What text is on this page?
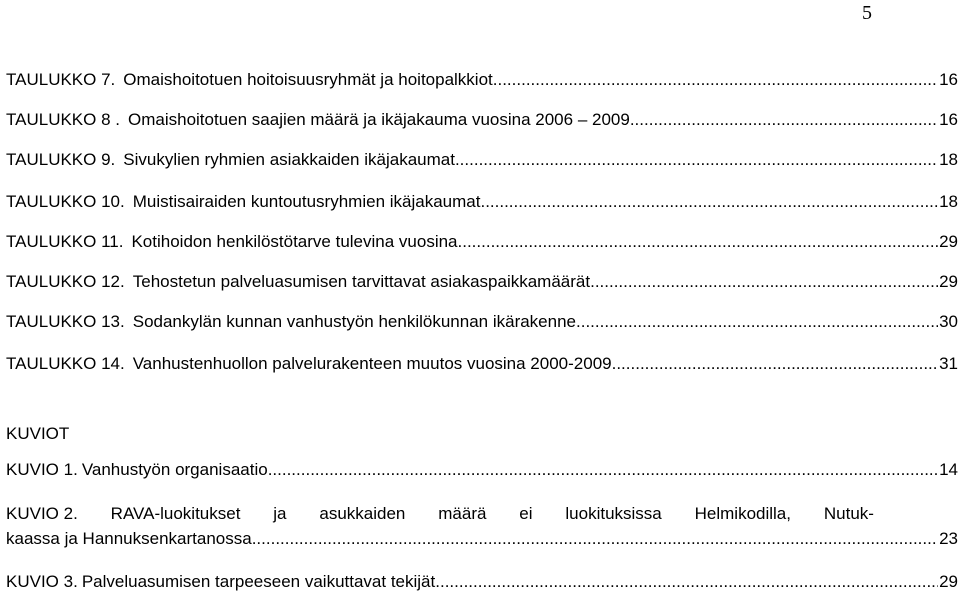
5
TAULUKKO 7. Omaishoitotuen hoitoisuusryhmät ja hoitopalkkiot .....	16
TAULUKKO 8 . Omaishoitotuen saajien määrä ja ikäjakauma vuosina 2006 – 2009 .....	16
TAULUKKO 9. Sivukylien ryhmien asiakkaiden ikäjakaumat .....	18
TAULUKKO 10. Muistisairaiden kuntoutusryhmien ikäjakaumat .....	18
TAULUKKO 11. Kotihoidon henkilöstötarve tulevina vuosina .....	29
TAULUKKO 12. Tehostetun palveluasumisen tarvittavat asiakaspaikkamäärät .....	29
TAULUKKO 13. Sodankylän kunnan vanhustyön henkilökunnan ikärakenne .....	30
TAULUKKO 14. Vanhustenhuollon palvelurakenteen muutos vuosina 2000-2009 .....	31
KUVIOT
KUVIO 1. Vanhustyön organisaatio .....	14
KUVIO 2. RAVA-luokitukset ja asukkaiden määrä ei luokituksissa Helmikodilla, Nutuk-
kaassa ja Hannuksenkartanossa .....	23
KUVIO 3. Palveluasumisen tarpeeseen vaikuttavat tekijät .....	29
